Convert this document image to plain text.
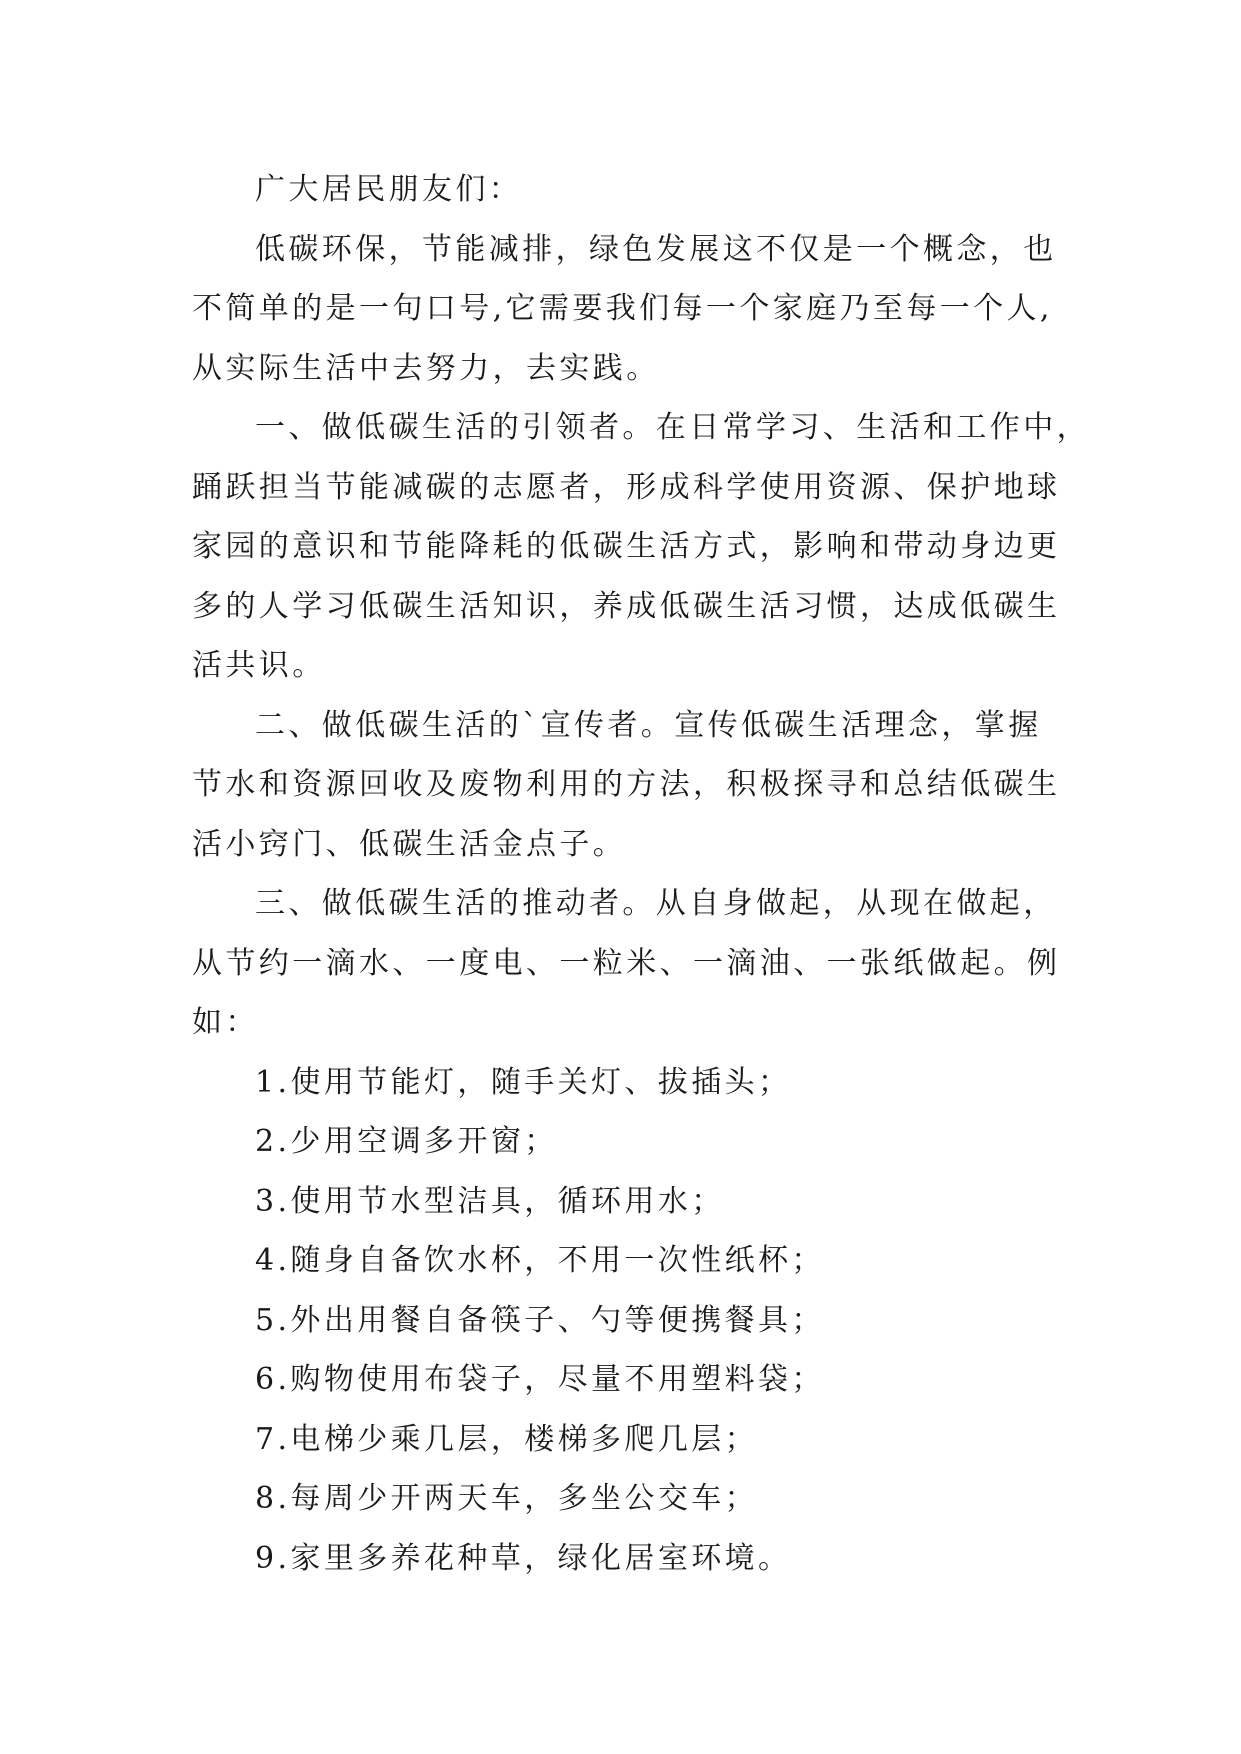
广大居民朋友们：
低碳环保，节能减排，绿色发展这不仅是一个概念，也
不简单的是一句口号,它需要我们每一个家庭乃至每一个人,
从实际生活中去努力，去实践。
一、做低碳生活的引领者。在日常学习、生活和工作中，
踊跃担当节能减碳的志愿者，形成科学使用资源、保护地球
家园的意识和节能降耗的低碳生活方式，影响和带动身边更
多的人学习低碳生活知识，养成低碳生活习惯，达成低碳生
活共识。
二、做低碳生活的`宣传者。宣传低碳生活理念，掌握
节水和资源回收及废物利用的方法，积极探寻和总结低碳生
活小窍门、低碳生活金点子。
三、做低碳生活的推动者。从自身做起，从现在做起，
从节约一滴水、一度电、一粒米、一滴油、一张纸做起。例
如：
1.使用节能灯，随手关灯、拔插头；
2.少用空调多开窗；
3.使用节水型洁具，循环用水；
4.随身自备饮水杯，不用一次性纸杯；
5.外出用餐自备筷子、勺等便携餐具；
6.购物使用布袋子，尽量不用塑料袋；
7.电梯少乘几层，楼梯多爬几层；
8.每周少开两天车，多坐公交车；
9.家里多养花种草，绿化居室环境。
